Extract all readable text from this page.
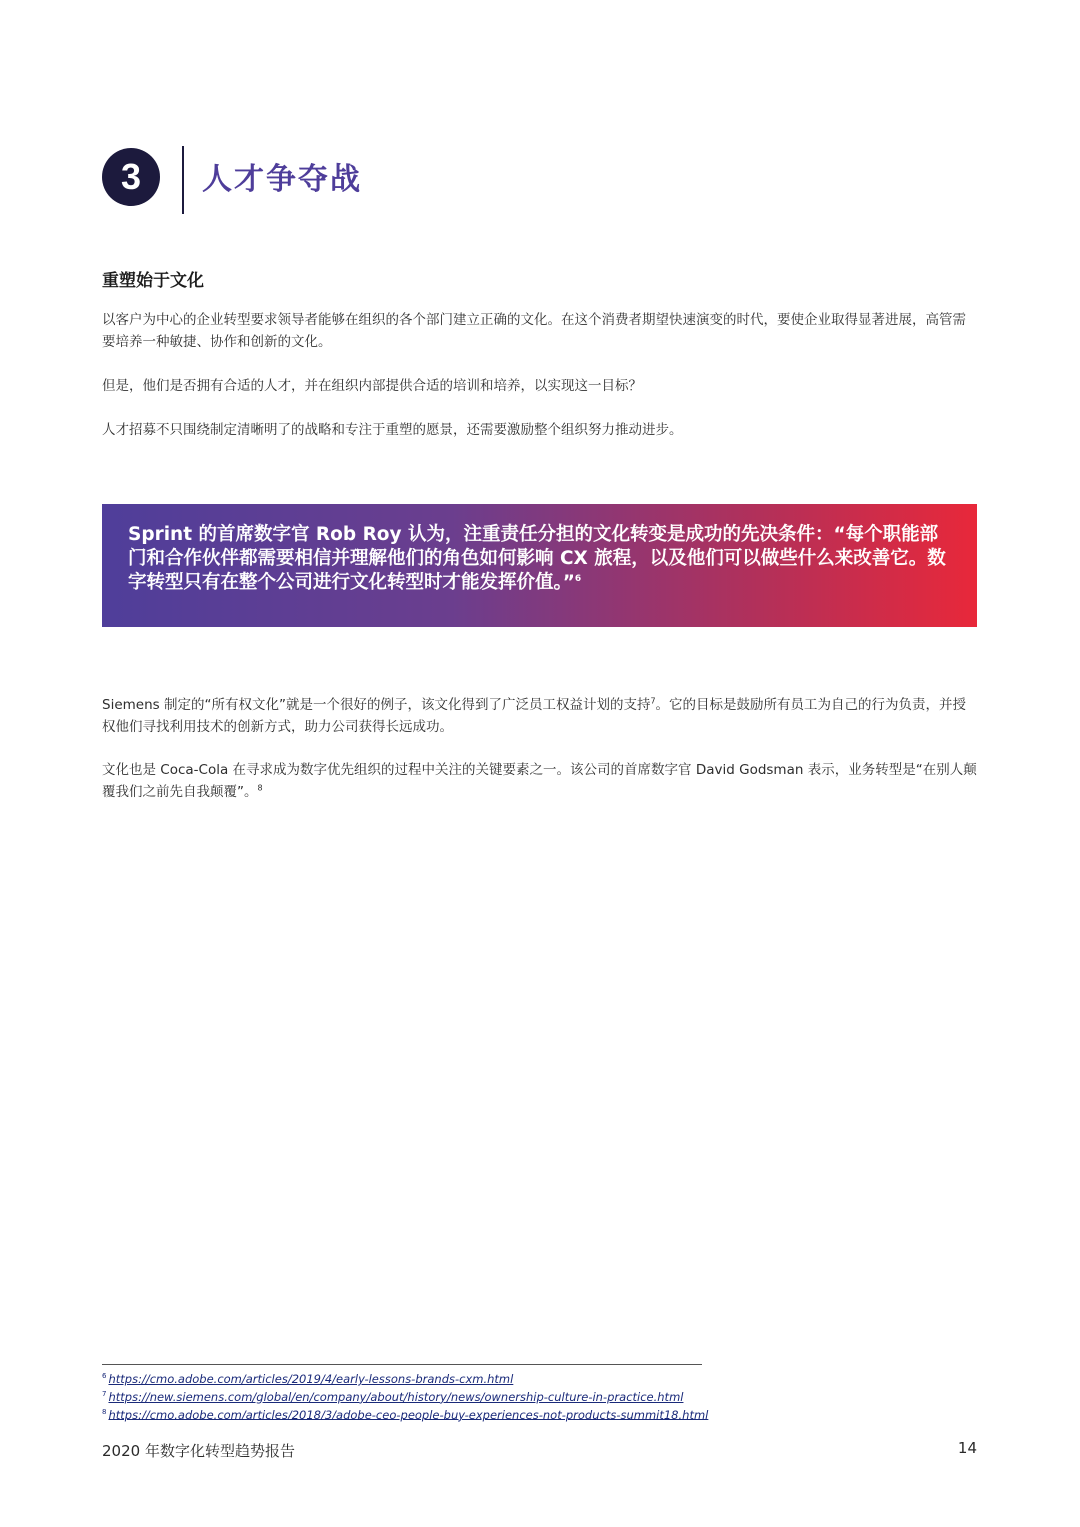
3	人才争夺战
重塑始于文化

以客户为中心的企业转型要求领导者能够在组织的各个部门建立正确的文化。在这个消费者期望快速演变的时代，要使企业取得显著进展，高管需要培养一种敏捷、协作和创新的文化。

但是，他们是否拥有合适的人才，并在组织内部提供合适的培训和培养，以实现这一目标？

人才招募不只围绕制定清晰明了的战略和专注于重塑的愿景，还需要激励整个组织努力推动进步。

Sprint 的首席数字官 Rob Roy 认为，注重责任分担的文化转变是成功的先决条件：“每个职能部门和合作伙伴都需要相信并理解他们的角色如何影响 CX 旅程，以及他们可以做些什么来改善它。数字转型只有在整个公司进行文化转型时才能发挥价值。”$^6$

Siemens 制定的“所有权文化”就是一个很好的例子，该文化得到了广泛员工权益计划的支持$^7$。它的目标是鼓励所有员工为自己的行为负责，并授权他们寻找利用技术的创新方式，助力公司获得长远成功。

文化也是 Coca-Cola 在寻求成为数字优先组织的过程中关注的关键要素之一。该公司的首席数字官 David Godsman 表示，业务转型是“在别人颠覆我们之前先自我颠覆”。$^8$

$^6$ https://cmo.adobe.com/articles/2019/4/early-lessons-brands-cxm.html
$^7$ https://new.siemens.com/global/en/company/about/history/news/ownership-culture-in-practice.html
$^8$ https://cmo.adobe.com/articles/2018/3/adobe-ceo-people-buy-experiences-not-products-summit18.html
2020 年数字化转型趋势报告	14
